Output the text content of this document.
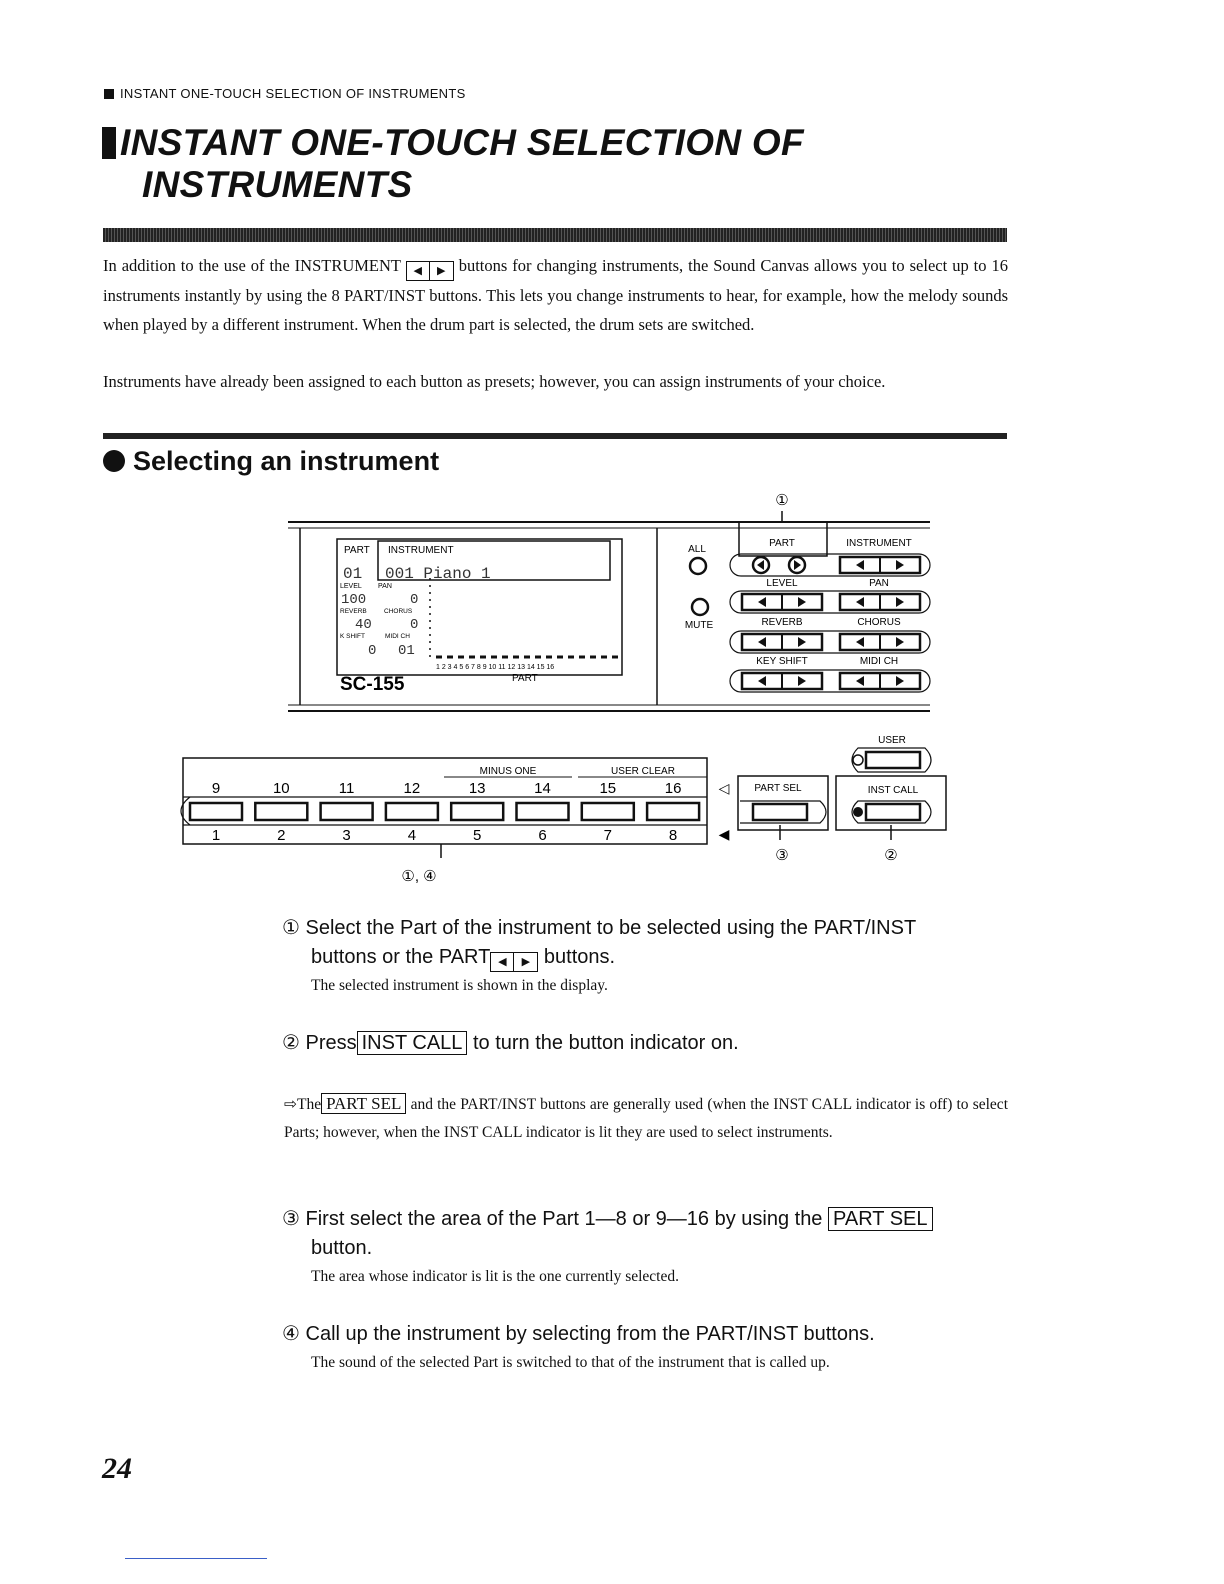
INSTANT ONE-TOUCH SELECTION OF INSTRUMENTS
INSTANT ONE-TOUCH SELECTION OF
INSTRUMENTS
In addition to the use of the INSTRUMENT ◀ ▶ buttons for changing instruments, the Sound Canvas allows you to select up to 16 instruments instantly by using the 8 PART/INST buttons. This lets you change instruments to hear, for example, how the melody sounds when played by a different instrument. When the drum part is selected, the drum sets are switched.
Instruments have already been assigned to each button as presets; however, you can assign instruments of your choice.
Selecting an instrument
①
PART INSTRUMENT
01 001 Piano 1
LEVEL PAN
100	0
REVERB	CHORUS
40	0
K SHIFT	MIDI CH
0 01
1 2 3 4 5 6 7 8 9 10 11 12 13 14 15 16
SC-155	PART
ALL
MUTE
PART	INSTRUMENT
LEVEL	PAN
REVERB	CHORUS
KEY SHIFT	MIDI CH
MINUS ONE	USER CLEAR
9
1
10
2
11
3
12
4
13
5
14
6
15
7
16
8
◁
◀
PART SEL
③
USER
INST CALL
②
①, ④
① Select the Part of the instrument to be selected using the PART/INST
buttons or the PART ◀ ▶ buttons.
The selected instrument is shown in the display.
② Press INST CALL to turn the button indicator on.
⇨The PART SEL and the PART/INST buttons are generally used (when the INST CALL indicator is off) to select Parts; however, when the INST CALL indicator is lit they are used to select instruments.
③ First select the area of the Part 1—8 or 9—16 by using the PART SEL
button.
The area whose indicator is lit is the one currently selected.
④ Call up the instrument by selecting from the PART/INST buttons.
The sound of the selected Part is switched to that of the instrument that is called up.
24
